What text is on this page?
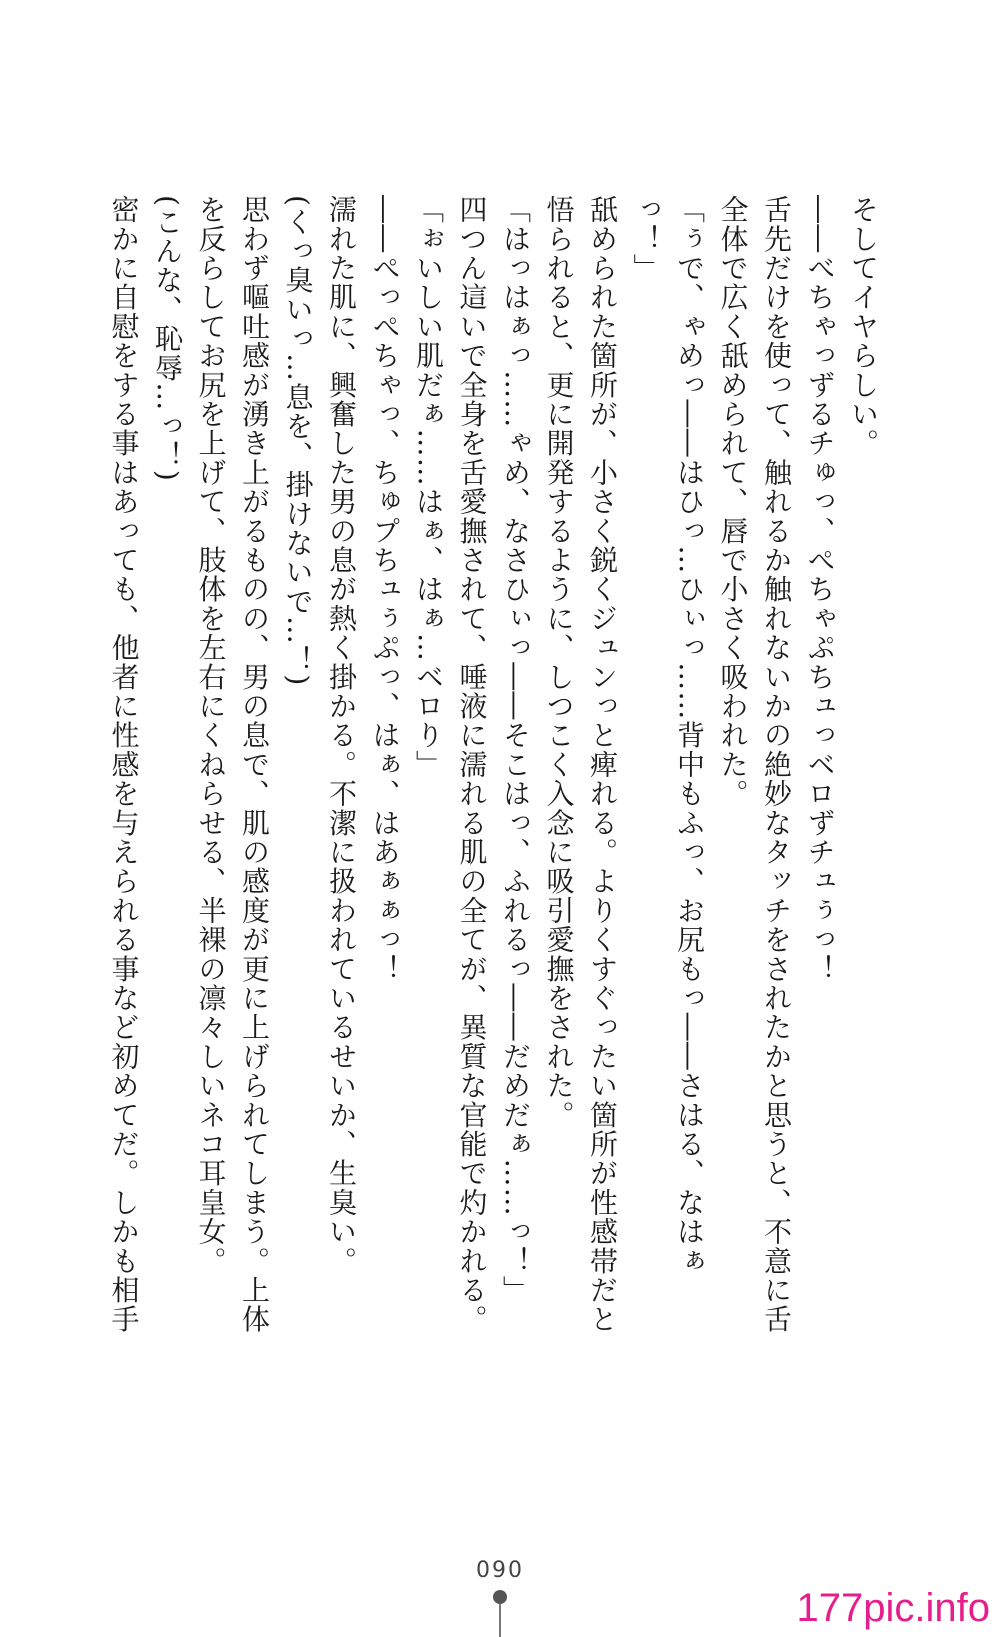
そしてイヤらしい。

――べちゃっずるチゅっ、ぺちゃぷちュっベロずチュぅっ！

舌先だけを使って、触れるか触れないかの絶妙なタッチをされたかと思うと、不意に舌全体で広く舐められて、唇で小さく吸われた。

「ぅで、ゃめっ――はひっ…ひぃっ……背中もふっ、お尻もっ――さはる、なはぁっ！」

舐められた箇所が、小さく鋭くジュンっと痺れる。よりくすぐったい箇所が性感帯だと悟られると、更に開発するように、しつこく入念に吸引愛撫をされた。

「はっはぁっ……ゃめ、なさひぃっ――そこはっ、ふれるっ――だめだぁ……っ！」

四つん這いで全身を舌愛撫されて、唾液に濡れる肌の全てが、異質な官能で灼かれる。

「ぉいしい肌だぁ……はぁ、はぁ…ベロり」

――ぺっぺちゃっ、ちゅプちュぅぷっ、はぁ、はあぁぁっ！

濡れた肌に、興奮した男の息が熱く掛かる。不潔に扱われているせいか、生臭い。

(くっ臭いっ…息を、掛けないで…！)

思わず嘔吐感が湧き上がるものの、男の息で、肌の感度が更に上げられてしまう。上体を反らしてお尻を上げて、肢体を左右にくねらせる、半裸の凛々しいネコ耳皇女。

(こんな、恥辱…っ！)

密かに自慰をする事はあっても、他者に性感を与えられる事など初めてだ。しかも相手

090
177pic.info
